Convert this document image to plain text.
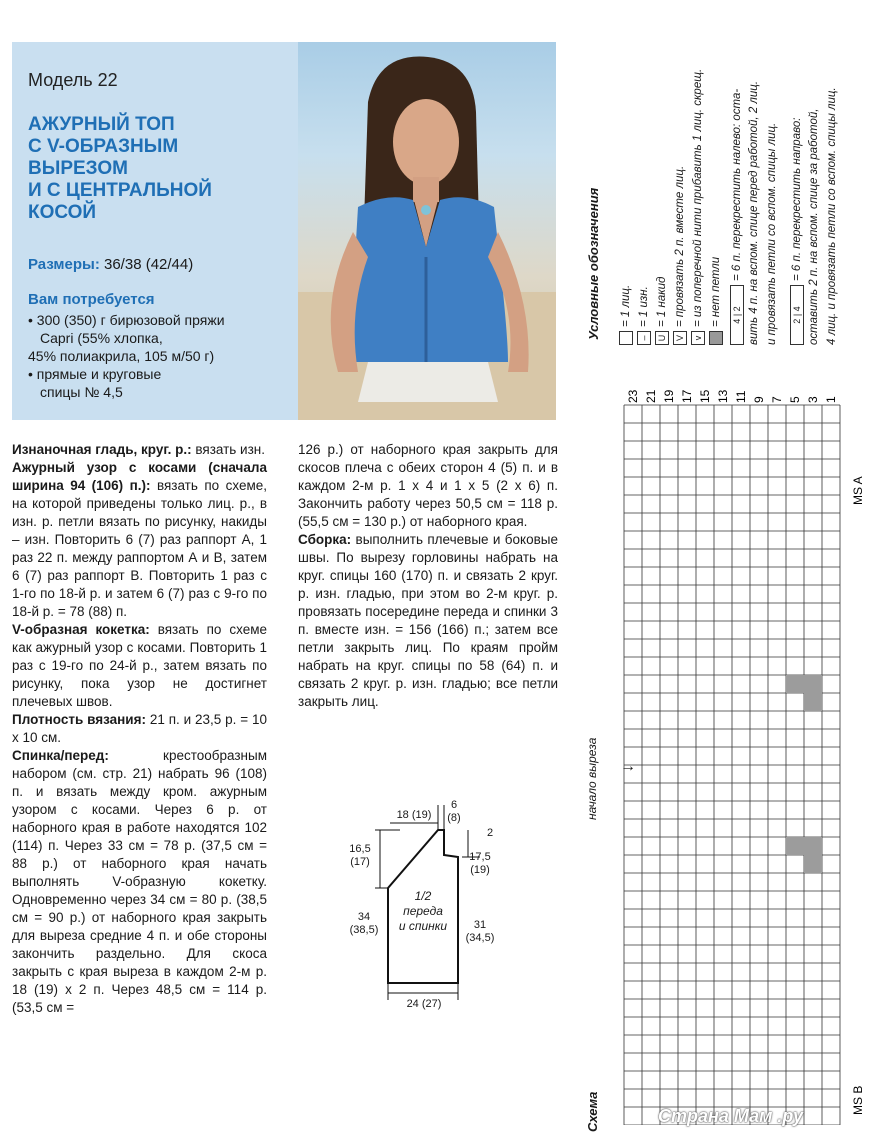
Модель 22
АЖУРНЫЙ ТОП
С V-ОБРАЗНЫМ
ВЫРЕЗОМ
И С ЦЕНТРАЛЬНОЙ
КОСОЙ
Размеры: 36/38 (42/44)
Вам потребуется
• 300 (350) г бирюзовой пряжи
Capri (55% хлопка,
45% полиакрила, 105 м/50 г)
• прямые и круговые
спицы № 4,5

Изнаночная гладь, круг. р.: вязать изн.

Ажурный узор с косами (сначала ширина 94 (106) п.): вязать по схеме, на которой приведены только лиц. р., в изн. р. петли вязать по рисунку, накиды – изн. Повторить 6 (7) раз раппорт А, 1 раз 22 п. между раппортом А и В, затем 6 (7) раз раппорт В. Повторить 1 раз с 1-го по 18-й р. и затем 6 (7) раз с 9-го по 18-й р. = 78 (88) п.

V-образная кокетка: вязать по схеме как ажурный узор с косами. Повторить 1 раз с 19-го по 24-й р., затем вязать по рисунку, пока узор не достигнет плечевых швов.

Плотность вязания: 21 п. и 23,5 р. = 10 х 10 см.

Спинка/перед: крестообразным набором (см. стр. 21) набрать 96 (108) п. и вязать между кром. ажурным узором с косами. Через 6 р. от наборного края в работе находятся 102 (114) п. Через 33 см = 78 р. (37,5 см = 88 р.) от наборного края начать выполнять V-образную кокетку. Одновременно через 34 см = 80 р. (38,5 см = 90 р.) от наборного края закрыть для выреза средние 4 п. и обе стороны закончить раздельно. Для скоса закрыть с края выреза в каждом 2-м р. 18 (19) х 2 п. Через 48,5 см = 114 р. (53,5 см =

126 р.) от наборного края закрыть для скосов плеча с обеих сторон 4 (5) п. и в каждом 2-м р. 1 х 4 и 1 х 5 (2 х 6) п. Закончить работу через 50,5 см = 118 р. (55,5 см = 130 р.) от наборного края.

Сборка: выполнить плечевые и боковые швы. По вырезу горловины набрать на круг. спицы 160 (170) п. и связать 2 круг. р. изн. гладью, при этом во 2-м круг. р. провязать посередине переда и спинки 3 п. вместе изн. = 156 (166) п.; затем все петли закрыть лиц. По краям пройм набрать на круг. спицы по 58 (64) п. и связать 2 круг. р. изн. гладью; все петли закрыть лиц.

18 (19)
6
(8)
2
16,5
(17)	17,5
(19)
34
(38,5)
1/2
переда
и спинки	31
(34,5)
24 (27)
Условные обозначения = 1 лиц.
–= 1 изн.
U= 1 накид
V= провязать 2 п. вместе лиц.
v= из поперечной нити прибавить 1 лиц. скрещ. = нет петли 4 | 2= 6 п. перекрестить налево: оста- вить 4 п. на вспом. спице перед работой, 2 лиц. и провязать петли со вспом. спицы лиц. 2 | 4= 6 п. перекрестить направо: оставить 2 п. на вспом. спице за работой, 4 лиц. и провязать петли со вспом. спицы лиц.
23 21 19 17 15 13 11 9 7 5 3 1
MS A
MS B
Схема
начало выреза →
Страна Мам .ру
